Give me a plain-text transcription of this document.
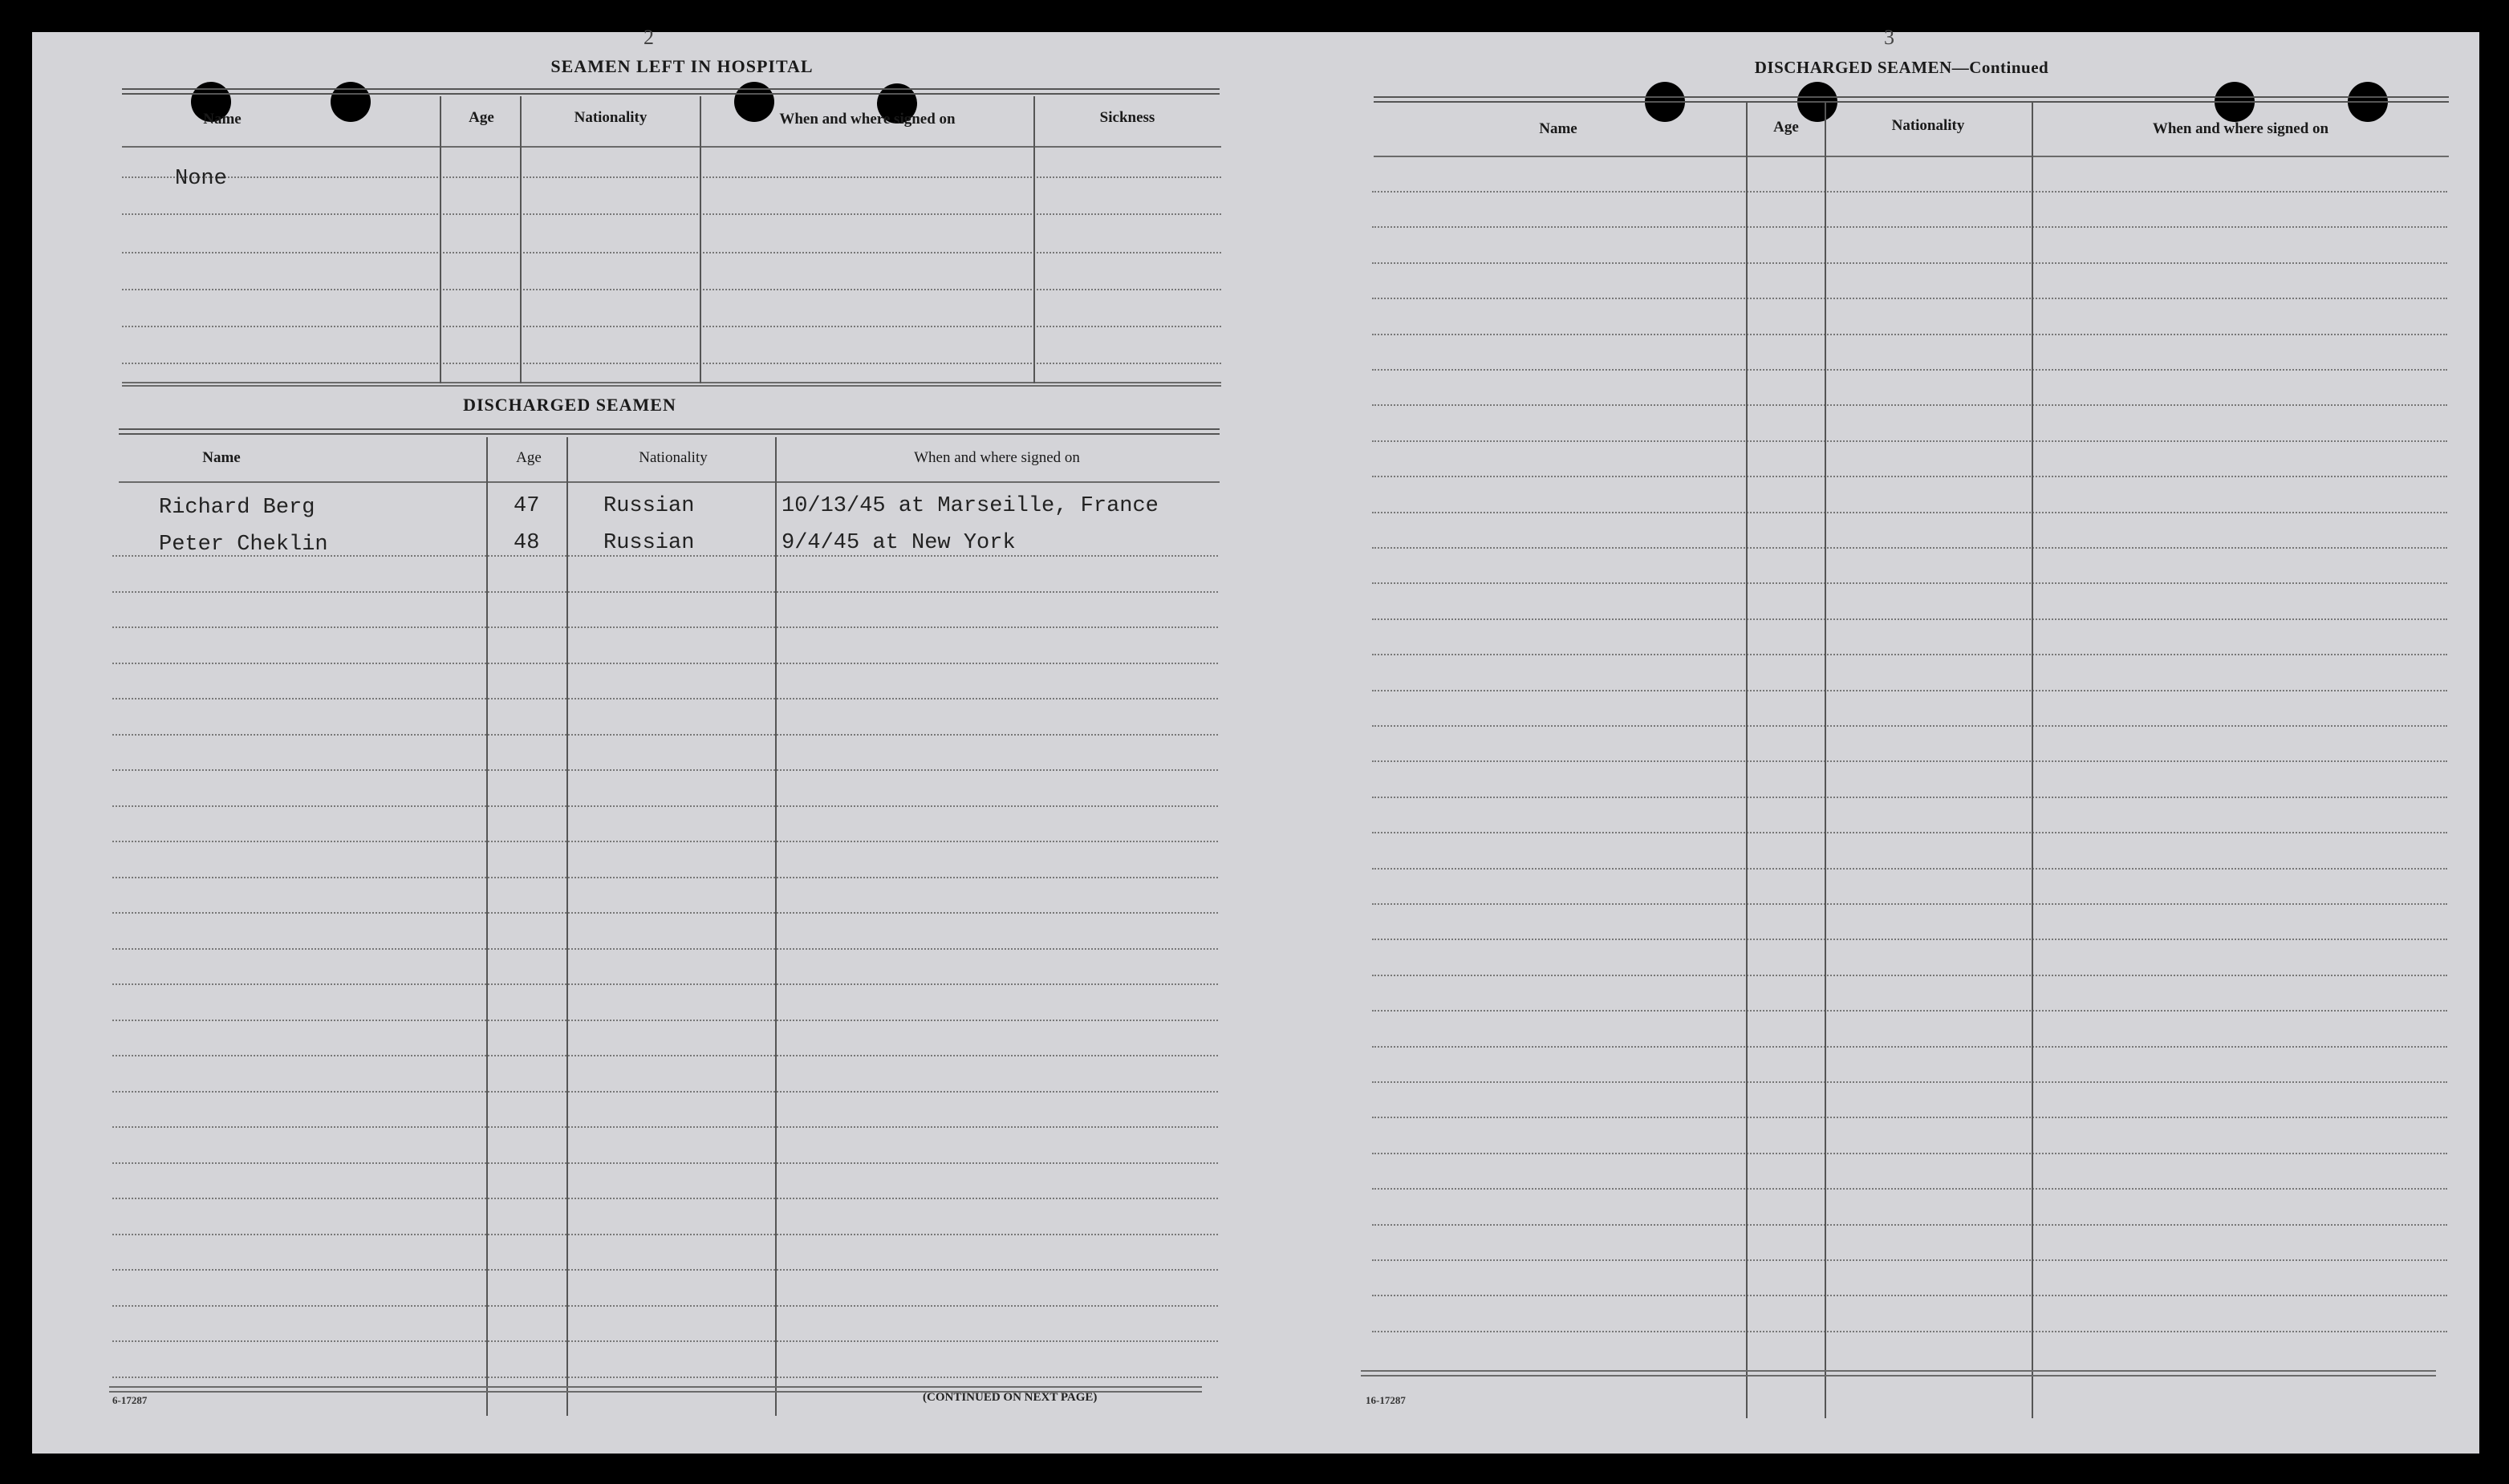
2
SEAMEN LEFT IN HOSPITAL
Name	Age	Nationality	When and where signed on	Sickness
None
DISCHARGED SEAMEN
Name	Age	Nationality	When and where signed on
Richard Berg	47	Russian	10/13/45 at Marseille, France
Peter Cheklin	48	Russian	9/4/45 at New York
6-17287	(CONTINUED ON NEXT PAGE)
3
DISCHARGED SEAMEN—Continued
Name	Age	Nationality	When and where signed on
16-17287
